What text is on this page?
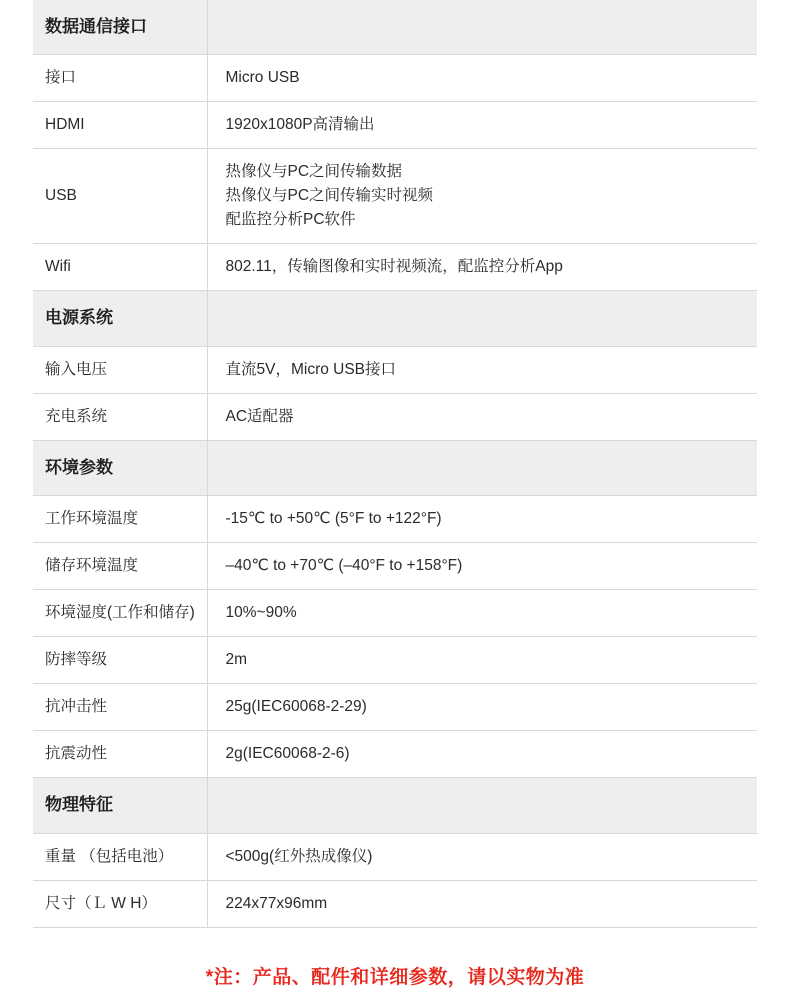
数据通信接口	
接口	Micro USB
HDMI	1920x1080P高清输出
USB	热像仪与PC之间传输数据
热像仪与PC之间传输实时视频
配监控分析PC软件

Wifi	802.11，传输图像和实时视频流，配监控分析App
电源系统	
输入电压	直流5V，Micro USB接口
充电系统	AC适配器
环境参数	
工作环境温度	-15℃ to +50℃ (5°F to +122°F)
储存环境温度	–40℃ to +70℃ (–40°F to +158°F)
环境湿度(工作和储存)	10%~90%
防摔等级	2m
抗冲击性	25g(IEC60068-2-29)
抗震动性	2g(IEC60068-2-6)
物理特征	
重量 （包括电池）	<500g(红外热成像仪)
尺寸（Ｌ W H）	224x77x96mm
*注：产品、配件和详细参数，请以实物为准
